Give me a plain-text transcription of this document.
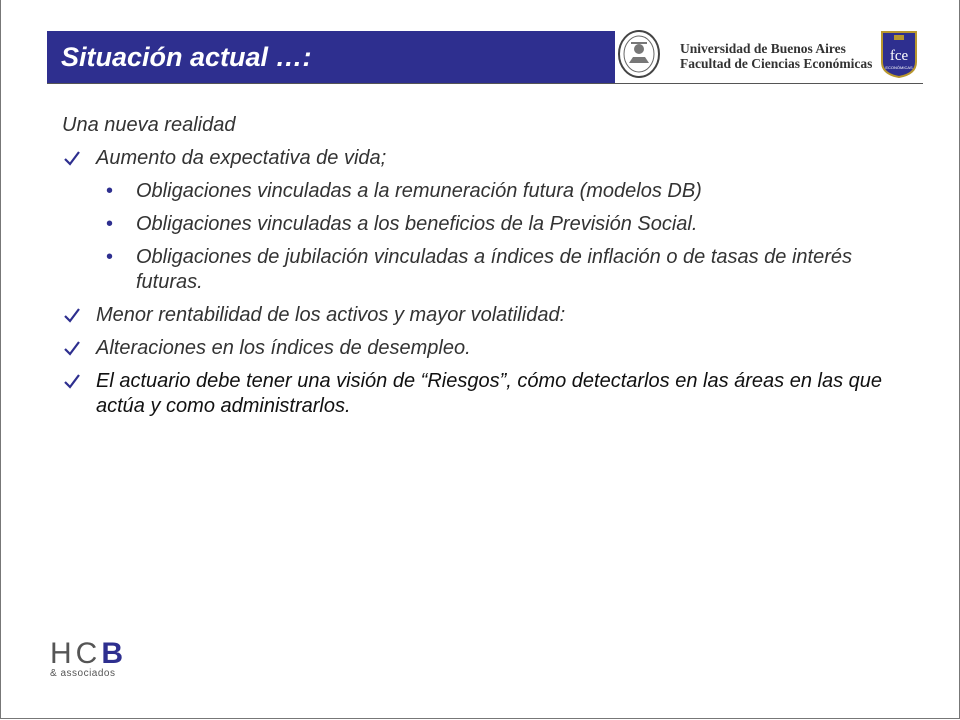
Situación actual …:	Universidad de Buenos Aires
Facultad de Ciencias Económicas fce
ECONÓMICAS
Una nueva realidad
Aumento da expectativa de vida;
• Obligaciones vinculadas a la remuneración futura (modelos DB)
• Obligaciones vinculadas a los beneficios de la Previsión Social.
• Obligaciones de jubilación vinculadas a índices de inflación o de tasas de interés futuras.
Menor rentabilidad de los activos y mayor volatilidad:
Alteraciones en los índices de desempleo.
El actuario debe tener una visión de “Riesgos”, cómo detectarlos en las áreas en las que actúa y como administrarlos.
HCB
& associados
